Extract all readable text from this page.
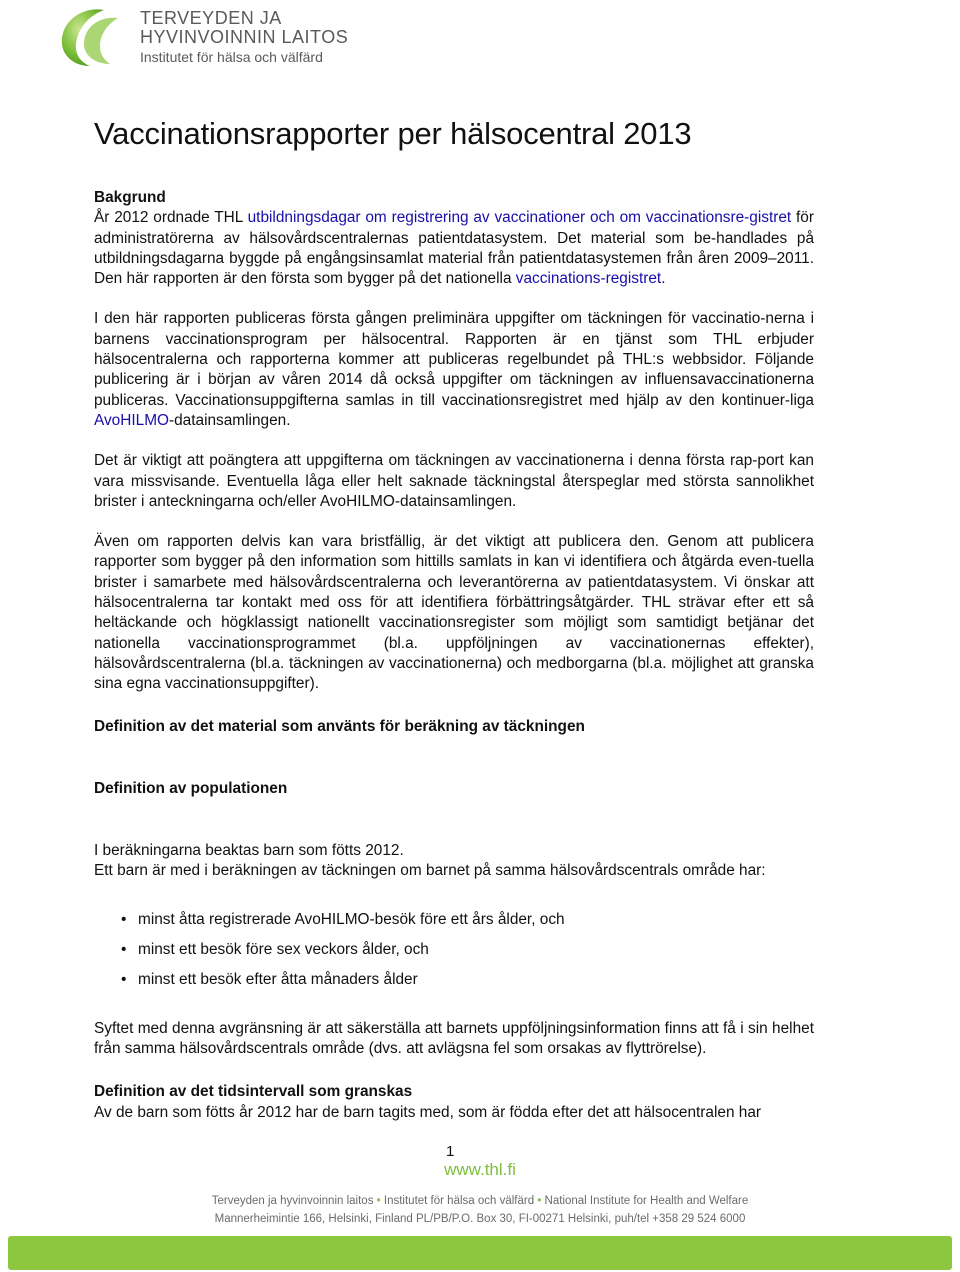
TERVEYDEN JA
HYVINVOINNIN LAITOS
Institutet för hälsa och välfärd
Vaccinationsrapporter per hälsocentral 2013

Bakgrund

År 2012 ordnade THL utbildningsdagar om registrering av vaccinationer och om vaccinationsre-gistret för administratörerna av hälsovårdscentralernas patientdatasystem. Det material som be-handlades på utbildningsdagarna byggde på engångsinsamlat material från patientdatasystemen från åren 2009–2011. Den här rapporten är den första som bygger på det nationella vaccinations-registret.

I den här rapporten publiceras första gången preliminära uppgifter om täckningen för vaccinatio-nerna i barnens vaccinationsprogram per hälsocentral. Rapporten är en tjänst som THL erbjuder hälsocentralerna och rapporterna kommer att publiceras regelbundet på THL:s webbsidor. Följande publicering är i början av våren 2014 då också uppgifter om täckningen av influensavaccinationerna publiceras. Vaccinationsuppgifterna samlas in till vaccinationsregistret med hjälp av den kontinuer-liga AvoHILMO-datainsamlingen.

Det är viktigt att poängtera att uppgifterna om täckningen av vaccinationerna i denna första rap-port kan vara missvisande. Eventuella låga eller helt saknade täckningstal återspeglar med största sannolikhet brister i anteckningarna och/eller AvoHILMO-datainsamlingen.

Även om rapporten delvis kan vara bristfällig, är det viktigt att publicera den. Genom att publicera rapporter som bygger på den information som hittills samlats in kan vi identifiera och åtgärda even-tuella brister i samarbete med hälsovårdscentralerna och leverantörerna av patientdatasystem. Vi önskar att hälsocentralerna tar kontakt med oss för att identifiera förbättringsåtgärder. THL strävar efter ett så heltäckande och högklassigt nationellt vaccinationsregister som möjligt som samtidigt betjänar det nationella vaccinationsprogrammet (bl.a. uppföljningen av vaccinationernas effekter), hälsovårdscentralerna (bl.a. täckningen av vaccinationerna) och medborgarna (bl.a. möjlighet att granska sina egna vaccinationsuppgifter).

Definition av det material som använts för beräkning av täckningen

Definition av populationen

I beräkningarna beaktas barn som fötts 2012.

Ett barn är med i beräkningen av täckningen om barnet på samma hälsovårdscentrals område har:

• minst åtta registrerade AvoHILMO-besök före ett års ålder, och
• minst ett besök före sex veckors ålder, och
• minst ett besök efter åtta månaders ålder

Syftet med denna avgränsning är att säkerställa att barnets uppföljningsinformation finns att få i sin helhet från samma hälsovårdscentrals område (dvs. att avlägsna fel som orsakas av flyttrörelse).

Definition av det tidsintervall som granskas

Av de barn som fötts år 2012 har de barn tagits med, som är födda efter det att hälsocentralen har

1
www.thl.fi
Terveyden ja hyvinvoinnin laitos • Institutet för hälsa och välfärd • National Institute for Health and Welfare
Mannerheimintie 166, Helsinki, Finland PL/PB/P.O. Box 30, FI-00271 Helsinki, puh/tel +358 29 524 6000
